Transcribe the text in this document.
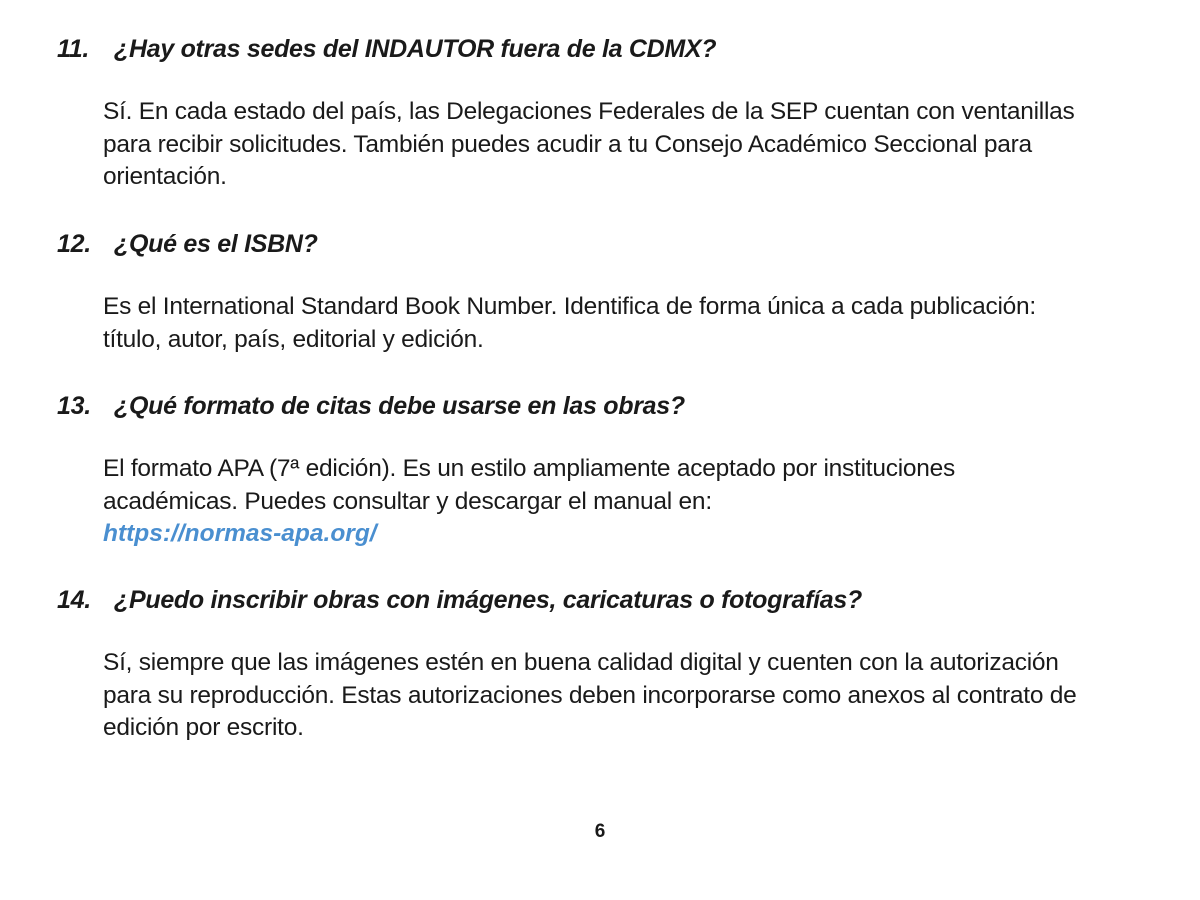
11. ¿Hay otras sedes del INDAUTOR fuera de la CDMX?
Sí. En cada estado del país, las Delegaciones Federales de la SEP cuentan con ventanillas
para recibir solicitudes. También puedes acudir a tu Consejo Académico Seccional para
orientación.
12. ¿Qué es el ISBN?
Es el International Standard Book Number. Identifica de forma única a cada publicación:
título, autor, país, editorial y edición.
13. ¿Qué formato de citas debe usarse en las obras?
El formato APA (7ª edición). Es un estilo ampliamente aceptado por instituciones
académicas. Puedes consultar y descargar el manual en:
https://normas-apa.org/
14. ¿Puedo inscribir obras con imágenes, caricaturas o fotografías?
Sí, siempre que las imágenes estén en buena calidad digital y cuenten con la autorización
para su reproducción. Estas autorizaciones deben incorporarse como anexos al contrato de
edición por escrito.
6
